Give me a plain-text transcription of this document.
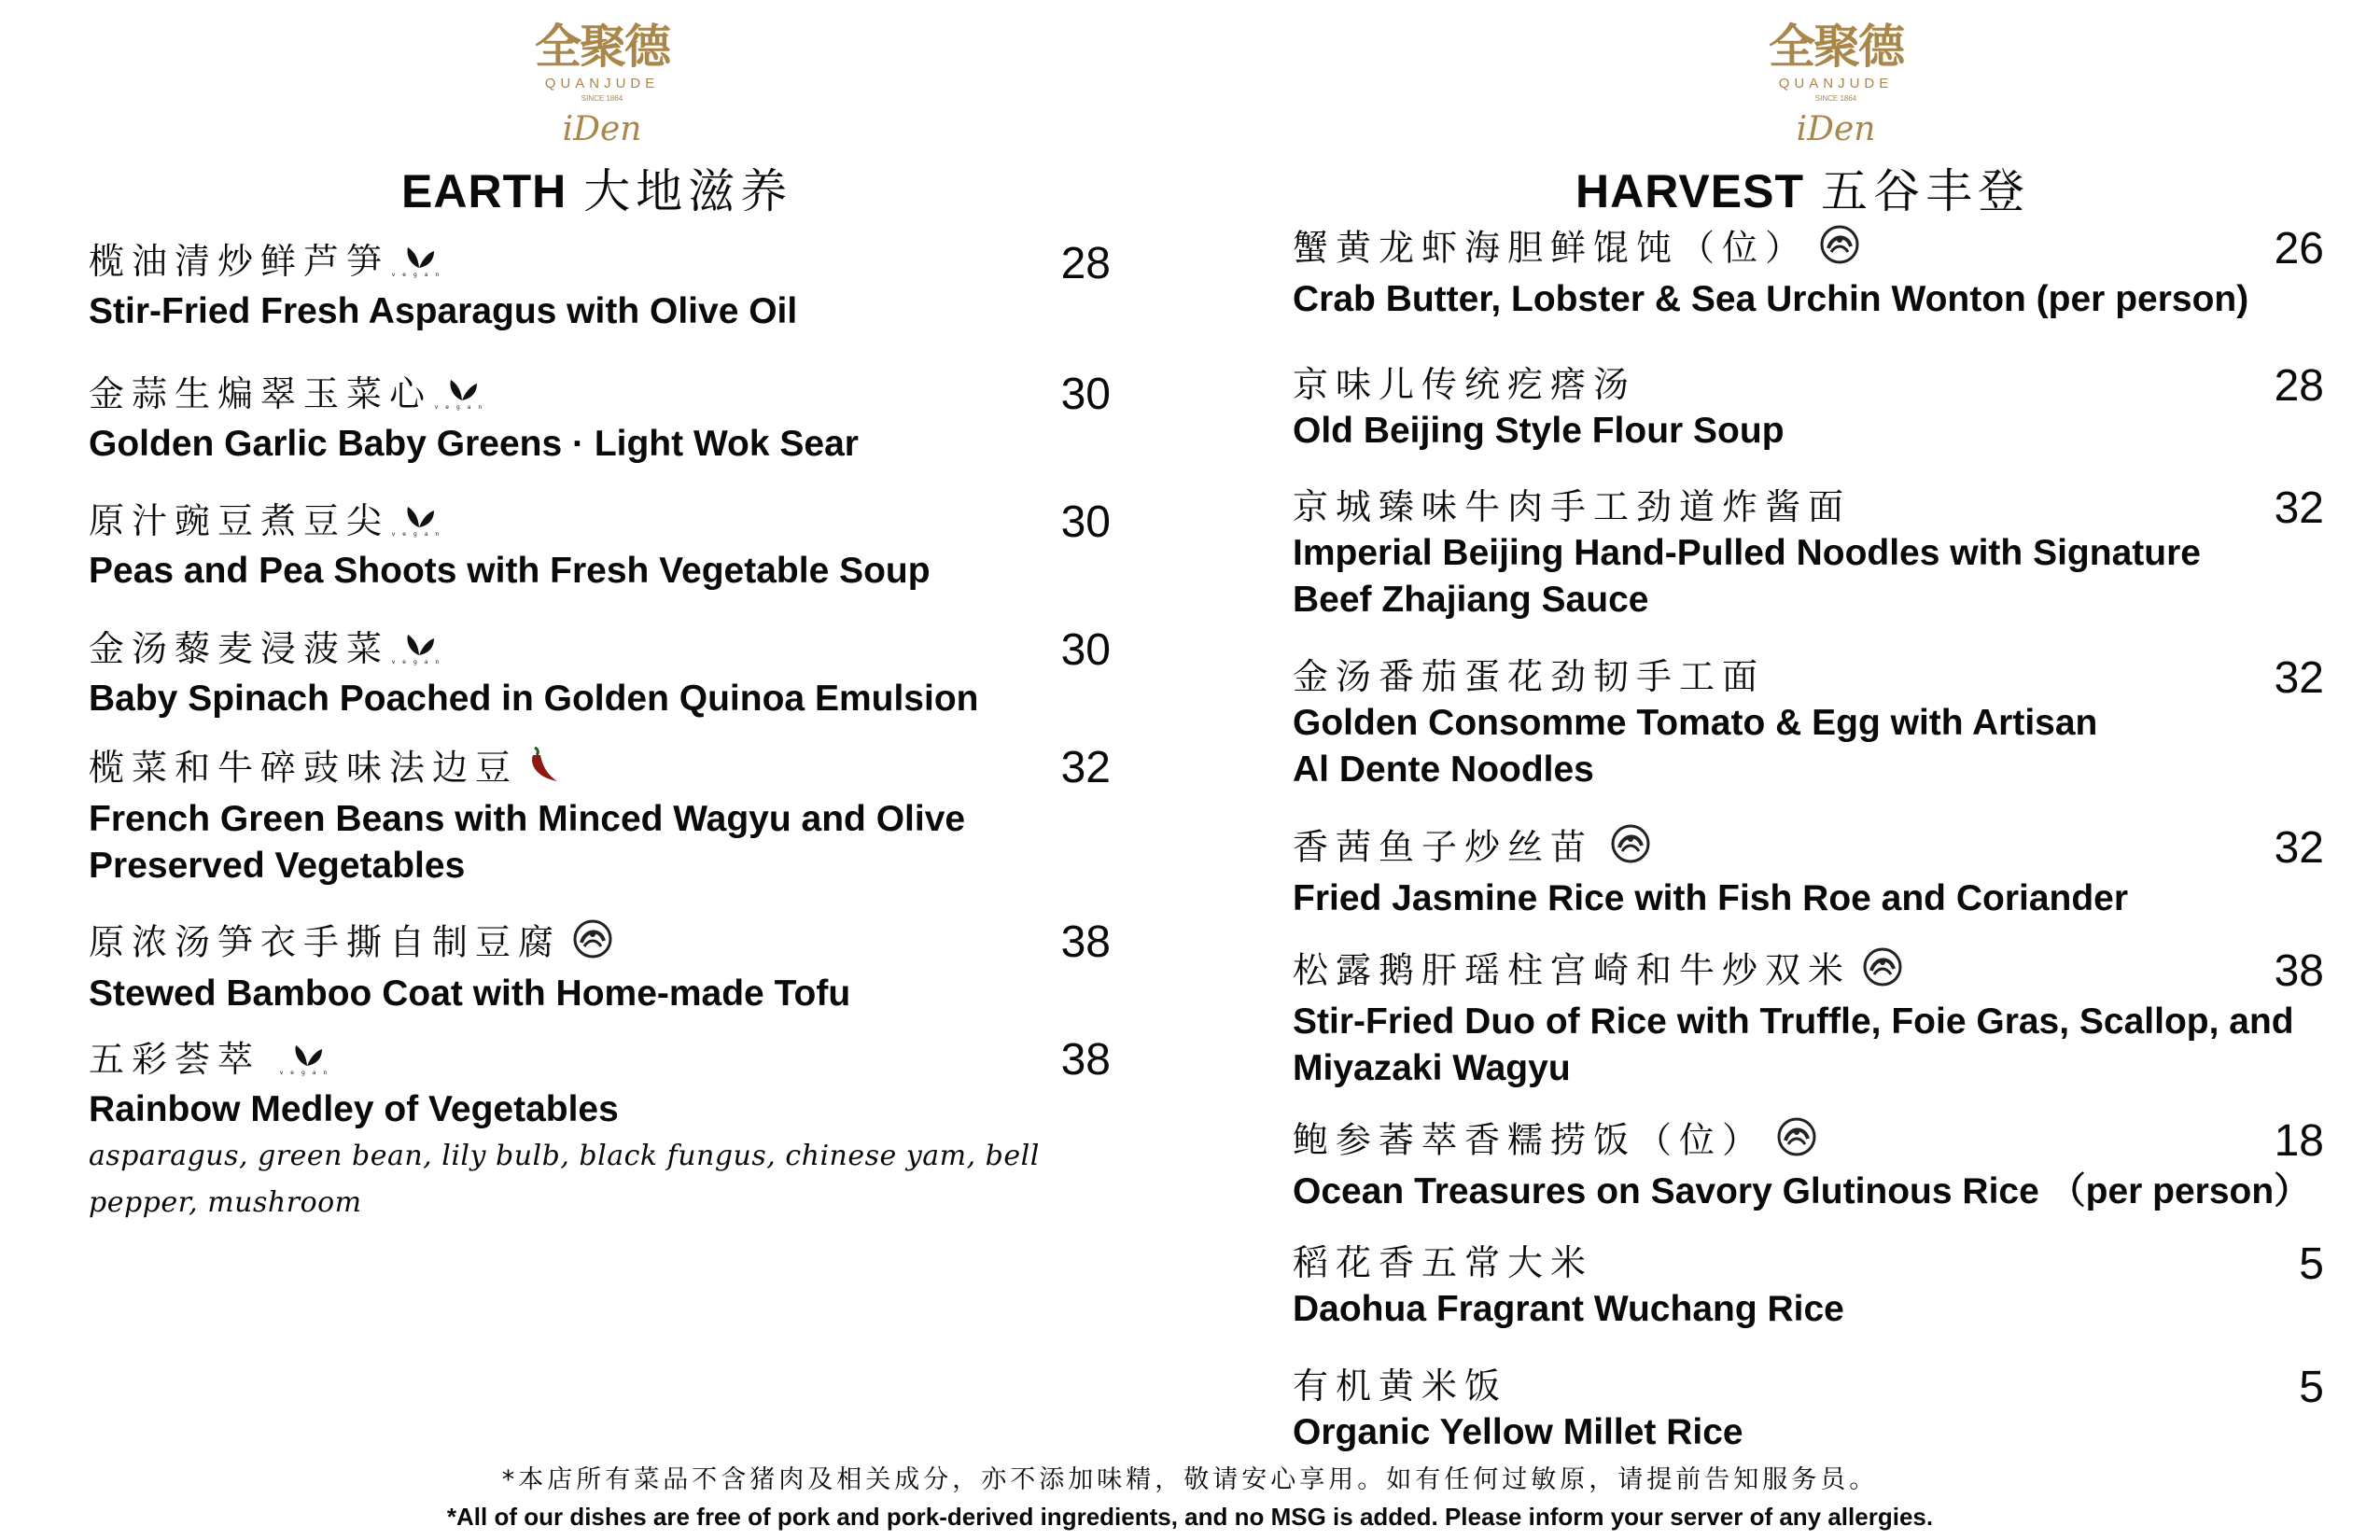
全聚德
QUANJUDE
SINCE 1864
iDen
全聚德
QUANJUDE
SINCE 1864
iDen
EARTH 大地滋养	HARVEST 五谷丰登
榄油清炒鲜芦笋 vegan
Stir-Fried Fresh Asparagus with Olive Oil
28
金蒜生煸翠玉菜心 vegan
Golden Garlic Baby Greens · Light Wok Sear
30
原汁豌豆煮豆尖 vegan
Peas and Pea Shoots with Fresh Vegetable Soup
30
金汤藜麦浸菠菜 vegan
Baby Spinach Poached in Golden Quinoa Emulsion
30
榄菜和牛碎豉味法边豆
French Green Beans with Minced Wagyu and Olive
Preserved Vegetables
32
原浓汤笋衣手撕自制豆腐
Stewed Bamboo Coat with Home-made Tofu
38
五彩荟萃	vegan
Rainbow Medley of Vegetables
asparagus, green bean, lily bulb, black fungus, chinese yam, bell
pepper, mushroom
38
蟹黄龙虾海胆鲜馄饨（位）
Crab Butter, Lobster & Sea Urchin Wonton (per person)
26
京味儿传统疙瘩汤
Old Beijing Style Flour Soup
28
京城臻味牛肉手工劲道炸酱面
Imperial Beijing Hand-Pulled Noodles with Signature
Beef Zhajiang Sauce
32
金汤番茄蛋花劲韧手工面
Golden Consomme Tomato & Egg with Artisan
Al Dente Noodles
32
香茜鱼子炒丝苗
Fried Jasmine Rice with Fish Roe and Coriander
32
松露鹅肝瑶柱宫崎和牛炒双米
Stir-Fried Duo of Rice with Truffle, Foie Gras, Scallop, and
Miyazaki Wagyu
38
鲍参萫萃香糯捞饭（位）
Ocean Treasures on Savory Glutinous Rice （per person）
18
稻花香五常大米
Daohua Fragrant Wuchang Rice
5
有机黄米饭
Organic Yellow Millet Rice
5
*本店所有菜品不含猪肉及相关成分，亦不添加味精，敬请安心享用。如有任何过敏原，请提前告知服务员。
*All of our dishes are free of pork and pork-derived ingredients, and no MSG is added. Please inform your server of any allergies.
